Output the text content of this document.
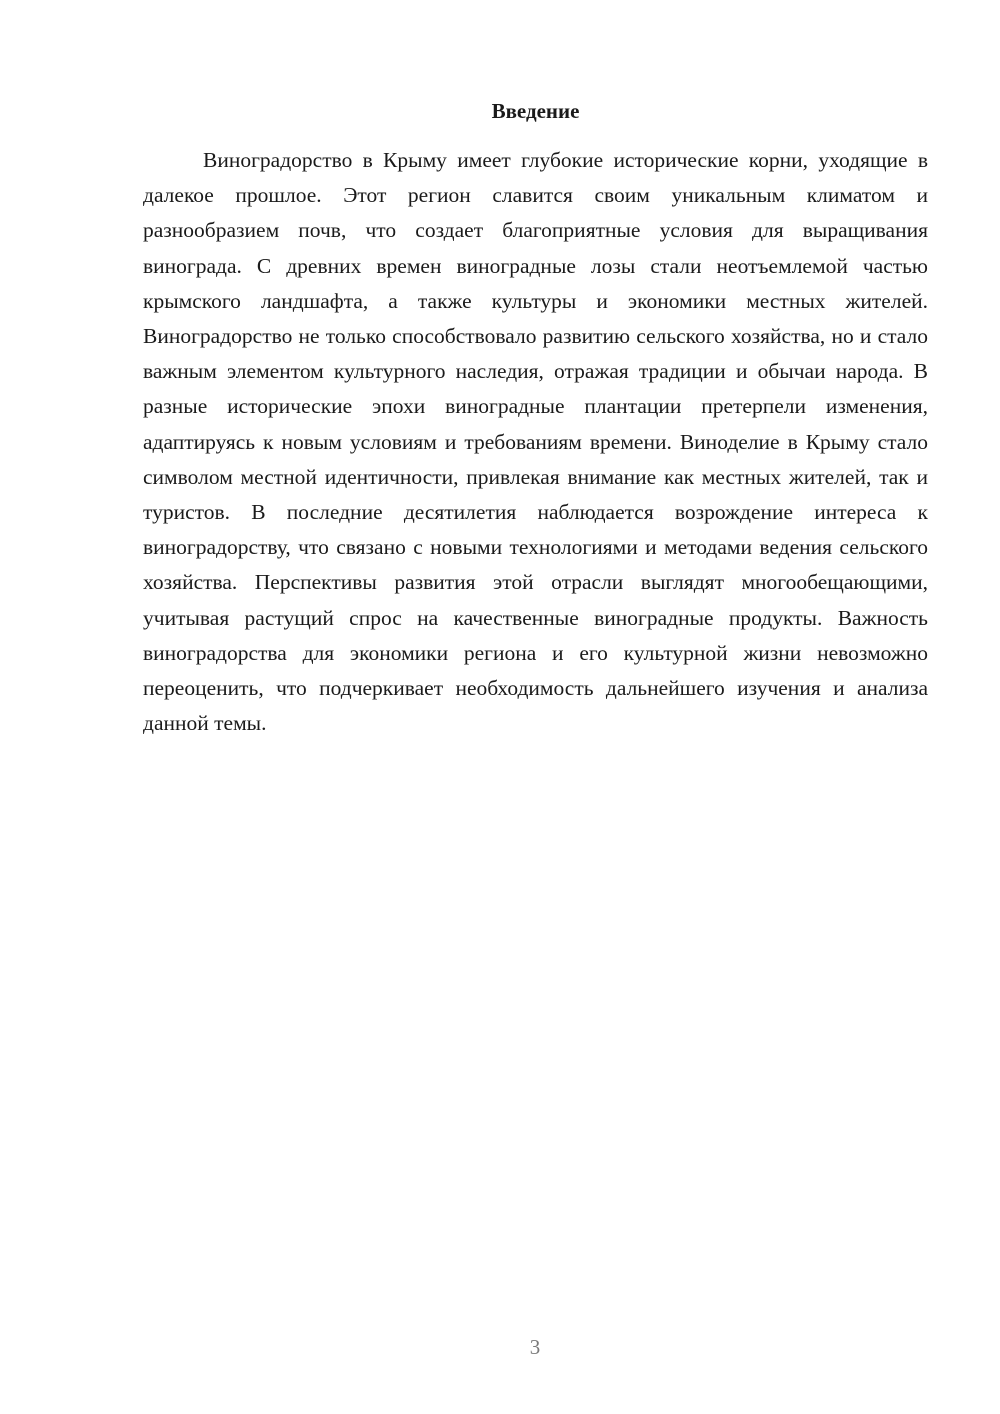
Введение

Виноградорство в Крыму имеет глубокие исторические корни, уходящие в далекое прошлое. Этот регион славится своим уникальным климатом и разнообразием почв, что создает благоприятные условия для выращивания винограда. С древних времен виноградные лозы стали неотъемлемой частью крымского ландшафта, а также культуры и экономики местных жителей. Виноградорство не только способствовало развитию сельского хозяйства, но и стало важным элементом культурного наследия, отражая традиции и обычаи народа. В разные исторические эпохи виноградные плантации претерпели изменения, адаптируясь к новым условиям и требованиям времени. Виноделие в Крыму стало символом местной идентичности, привлекая внимание как местных жителей, так и туристов. В последние десятилетия наблюдается возрождение интереса к виноградорству, что связано с новыми технологиями и методами ведения сельского хозяйства. Перспективы развития этой отрасли выглядят многообещающими, учитывая растущий спрос на качественные виноградные продукты. Важность виноградорства для экономики региона и его культурной жизни невозможно переоценить, что подчеркивает необходимость дальнейшего изучения и анализа данной темы.

3
